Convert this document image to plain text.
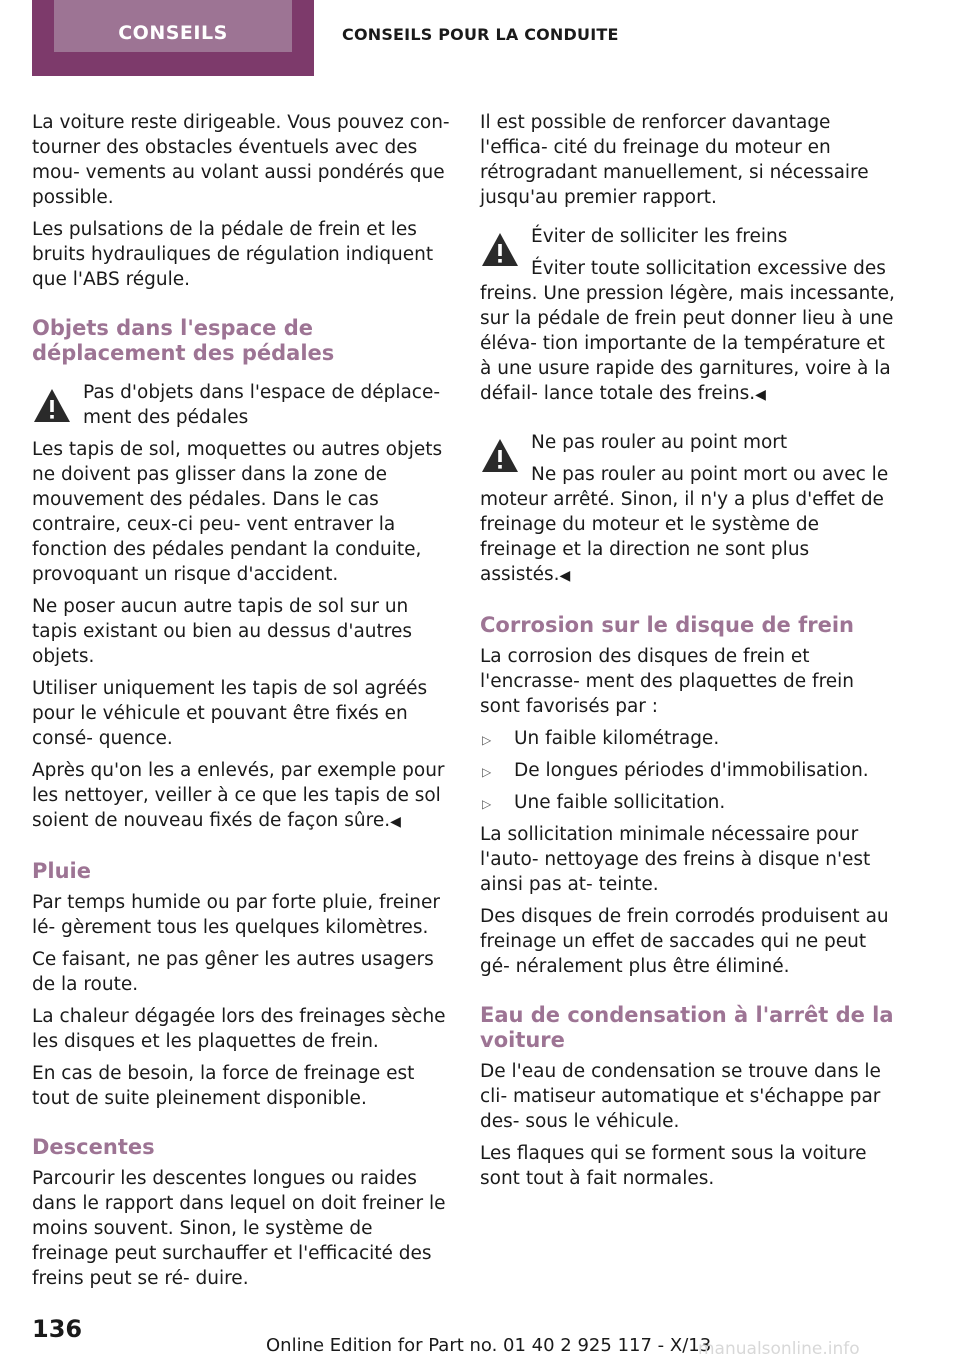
CONSEILS	CONSEILS POUR LA CONDUITE

La voiture reste dirigeable. Vous pouvez con‐ tourner des obstacles éventuels avec des mou‐ vements au volant aussi pondérés que possible.

Les pulsations de la pédale de frein et les bruits hydrauliques de régulation indiquent que l'ABS régule.

Objets dans l'espace de déplacement des pédales

Pas d'objets dans l'espace de déplace‐ ment des pédales

Les tapis de sol, moquettes ou autres objets ne doivent pas glisser dans la zone de mouvement des pédales. Dans le cas contraire, ceux-ci peu‐ vent entraver la fonction des pédales pendant la conduite, provoquant un risque d'accident.

Ne poser aucun autre tapis de sol sur un tapis existant ou bien au dessus d'autres objets.

Utiliser uniquement les tapis de sol agréés pour le véhicule et pouvant être fixés en consé‐ quence.

Après qu'on les a enlevés, par exemple pour les nettoyer, veiller à ce que les tapis de sol soient de nouveau fixés de façon sûre.◀

Pluie

Par temps humide ou par forte pluie, freiner lé‐ gèrement tous les quelques kilomètres.

Ce faisant, ne pas gêner les autres usagers de la route.

La chaleur dégagée lors des freinages sèche les disques et les plaquettes de frein.

En cas de besoin, la force de freinage est tout de suite pleinement disponible.

Descentes

Parcourir les descentes longues ou raides dans le rapport dans lequel on doit freiner le moins souvent. Sinon, le système de freinage peut surchauffer et l'efficacité des freins peut se ré‐ duire.

Il est possible de renforcer davantage l'effica‐ cité du freinage du moteur en rétrogradant manuellement, si nécessaire jusqu'au premier rapport.

Éviter de solliciter les freins

Éviter toute sollicitation excessive des freins. Une pression légère, mais incessante, sur la pédale de frein peut donner lieu à une éléva‐ tion importante de la température et à une usure rapide des garnitures, voire à la défail‐ lance totale des freins.◀

Ne pas rouler au point mort

Ne pas rouler au point mort ou avec le moteur arrêté. Sinon, il n'y a plus d'effet de freinage du moteur et le système de freinage et la direction ne sont plus assistés.◀

Corrosion sur le disque de frein

La corrosion des disques de frein et l'encrasse‐ ment des plaquettes de frein sont favorisés par :

▷ Un faible kilométrage.
▷ De longues périodes d'immobilisation.
▷ Une faible sollicitation.

La sollicitation minimale nécessaire pour l'auto‐ nettoyage des freins à disque n'est ainsi pas at‐ teinte.

Des disques de frein corrodés produisent au freinage un effet de saccades qui ne peut gé‐ néralement plus être éliminé.

Eau de condensation à l'arrêt de la voiture

De l'eau de condensation se trouve dans le cli‐ matiseur automatique et s'échappe par des‐ sous le véhicule.

Les flaques qui se forment sous la voiture sont tout à fait normales.

136
Online Edition for Part no. 01 40 2 925 117 - X/13
manualsonline.info
